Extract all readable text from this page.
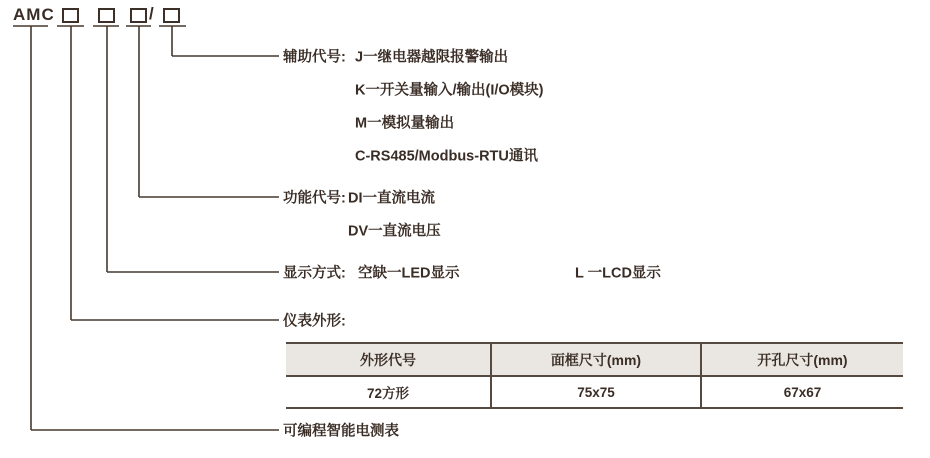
AMC	/
辅助代号: J一继电器越限报警输出
K一开关量输入/输出(I/O模块)
M一模拟量输出
C-RS485/Modbus-RTU通讯
功能代号: DI一直流电流
DV一直流电压
显示方式: 空缺一LED显示	L 一LCD显示
仪表外形:
外形代号	面框尺寸(mm)	开孔尺寸(mm)
72方形	75x75	67x67
可编程智能电测表
